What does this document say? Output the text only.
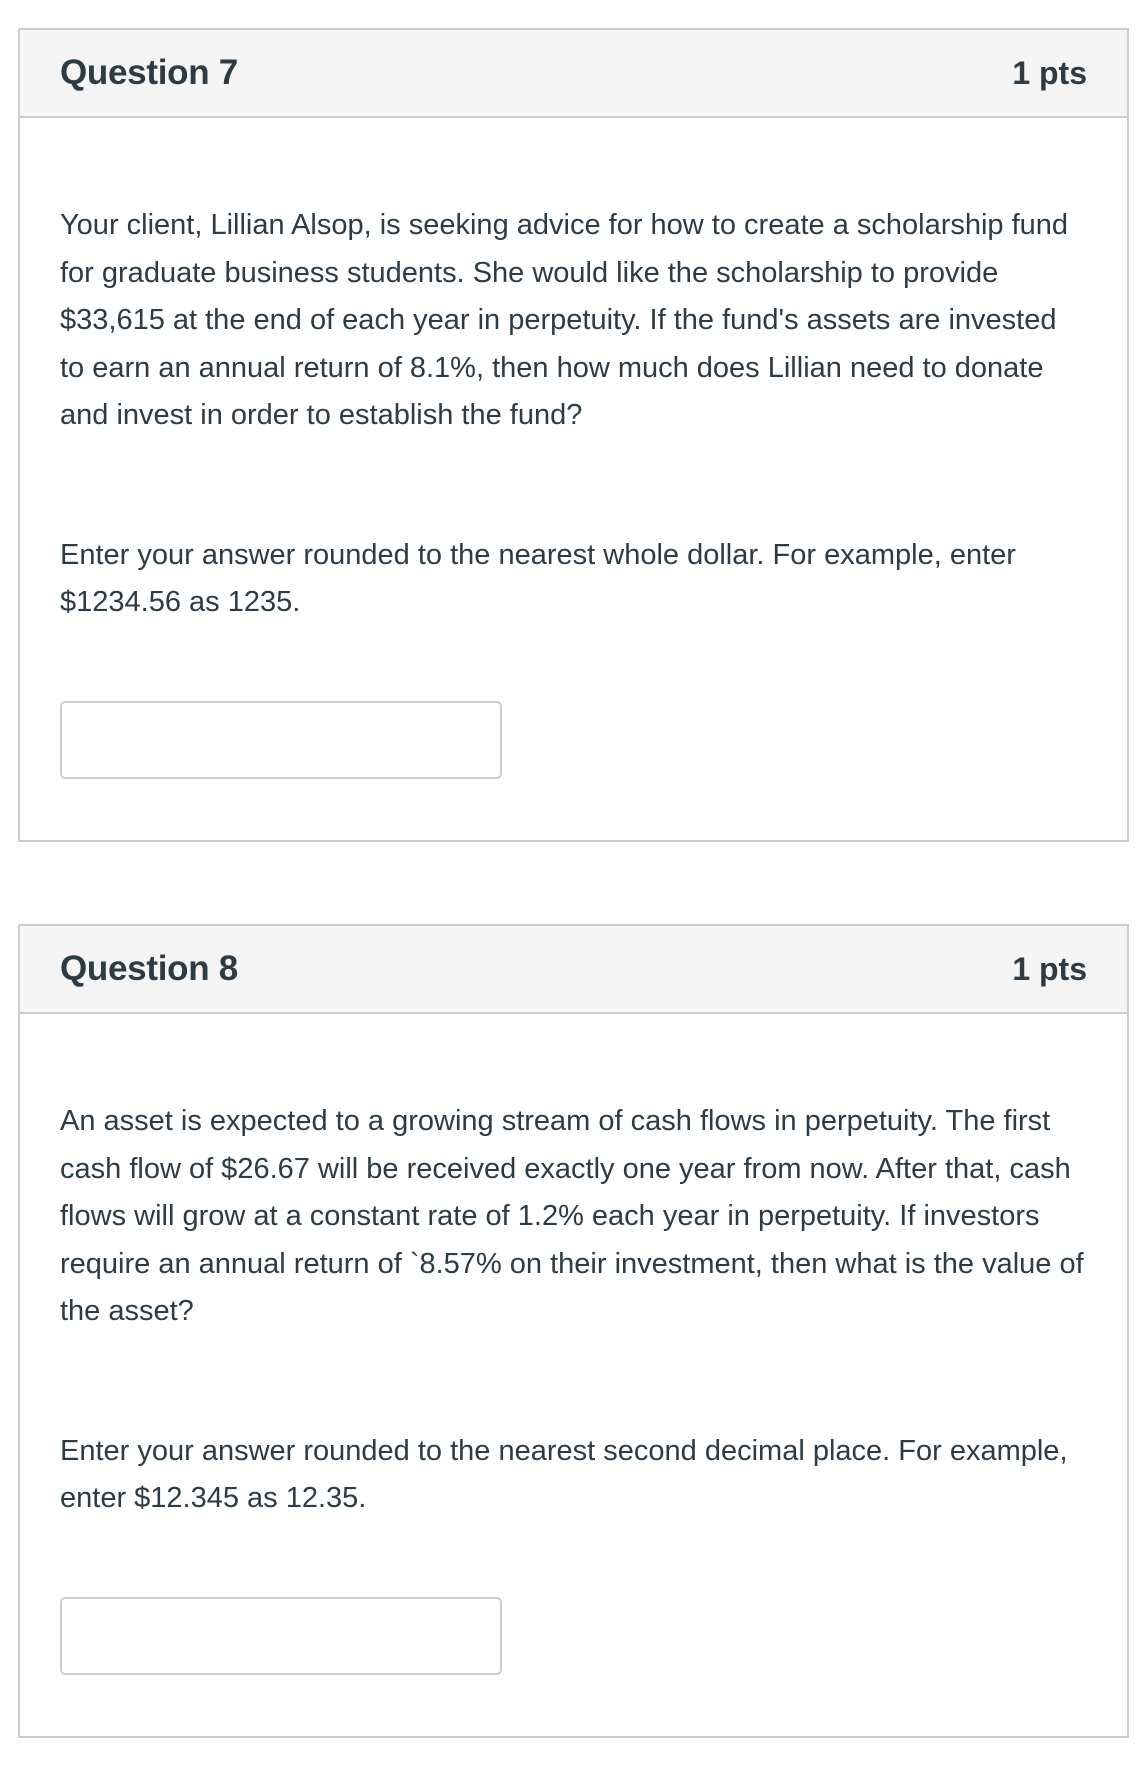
Question 7	1 pts

Your client, Lillian Alsop, is seeking advice for how to create a scholarship fund for graduate business students. She would like the scholarship to provide $33,615 at the end of each year in perpetuity. If the fund's assets are invested to earn an annual return of 8.1%, then how much does Lillian need to donate and invest in order to establish the fund?

Enter your answer rounded to the nearest whole dollar. For example, enter $1234.56 as 1235.

Question 8	1 pts

An asset is expected to a growing stream of cash flows in perpetuity. The first cash flow of $26.67 will be received exactly one year from now. After that, cash flows will grow at a constant rate of 1.2% each year in perpetuity. If investors require an annual return of `8.57% on their investment, then what is the value of the asset?

Enter your answer rounded to the nearest second decimal place. For example, enter $12.345 as 12.35.
